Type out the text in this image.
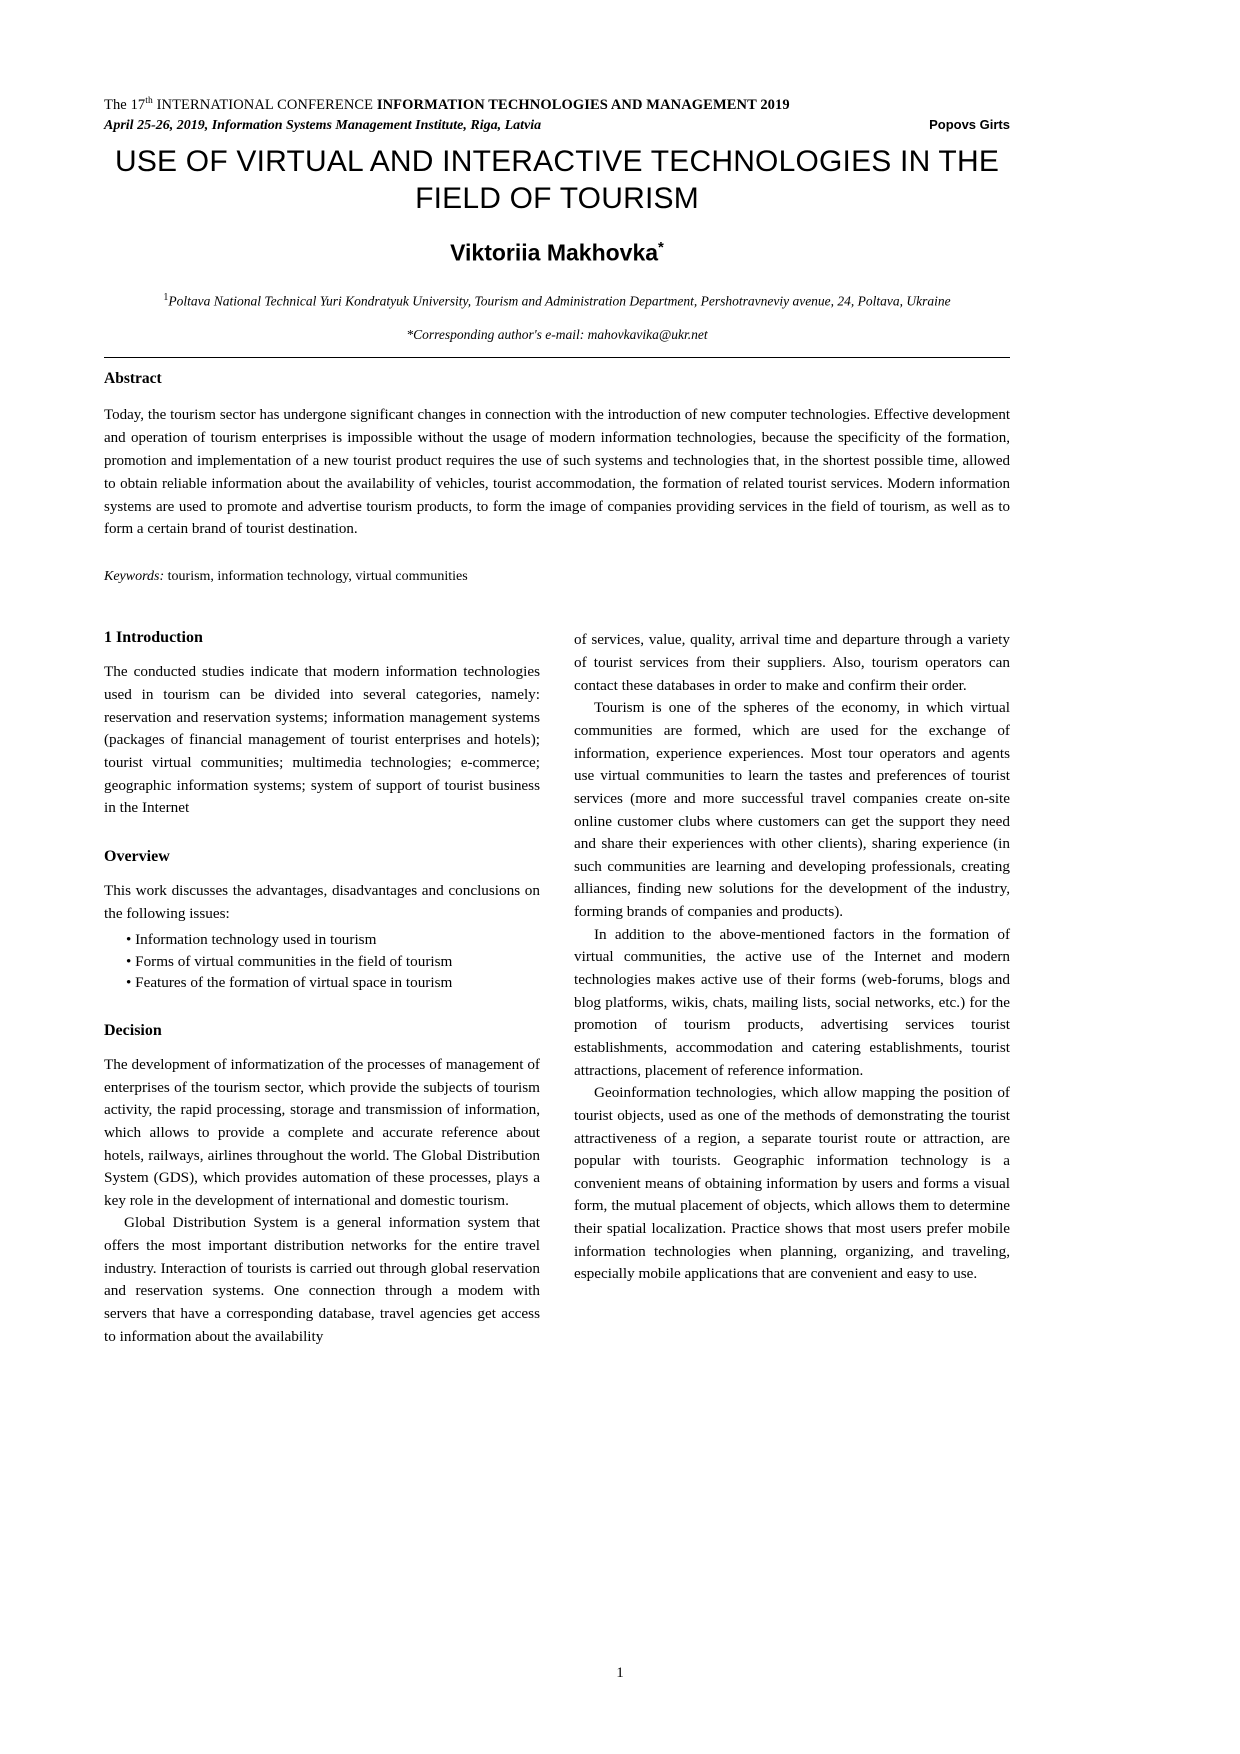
The 17th INTERNATIONAL CONFERENCE INFORMATION TECHNOLOGIES AND MANAGEMENT 2019
April 25-26, 2019, Information Systems Management Institute, Riga, Latvia	Popovs Girts
USE OF VIRTUAL AND INTERACTIVE TECHNOLOGIES IN THE FIELD OF TOURISM
Viktoriia Makhovka*
$^1$Poltava National Technical Yuri Kondratyuk University, Tourism and Administration Department, Pershotravneviy avenue, 24, Poltava, Ukraine
*Corresponding author's e-mail: mahovkavika@ukr.net
Abstract

Today, the tourism sector has undergone significant changes in connection with the introduction of new computer technologies. Effective development and operation of tourism enterprises is impossible without the usage of modern information technologies, because the specificity of the formation, promotion and implementation of a new tourist product requires the use of such systems and technologies that, in the shortest possible time, allowed to obtain reliable information about the availability of vehicles, tourist accommodation, the formation of related tourist services. Modern information systems are used to promote and advertise tourism products, to form the image of companies providing services in the field of tourism, as well as to form a certain brand of tourist destination.

Keywords: tourism, information technology, virtual communities
1 Introduction

The conducted studies indicate that modern information technologies used in tourism can be divided into several categories, namely: reservation and reservation systems; information management systems (packages of financial management of tourist enterprises and hotels); tourist virtual communities; multimedia technologies; e-commerce; geographic information systems; system of support of tourist business in the Internet

Overview

This work discusses the advantages, disadvantages and conclusions on the following issues:

• Information technology used in tourism
• Forms of virtual communities in the field of tourism
• Features of the formation of virtual space in tourism
Decision

The development of informatization of the processes of management of enterprises of the tourism sector, which provide the subjects of tourism activity, the rapid processing, storage and transmission of information, which allows to provide a complete and accurate reference about hotels, railways, airlines throughout the world. The Global Distribution System (GDS), which provides automation of these processes, plays a key role in the development of international and domestic tourism.

Global Distribution System is a general information system that offers the most important distribution networks for the entire travel industry. Interaction of tourists is carried out through global reservation and reservation systems. One connection through a modem with servers that have a corresponding database, travel agencies get access to information about the availability

of services, value, quality, arrival time and departure through a variety of tourist services from their suppliers. Also, tourism operators can contact these databases in order to make and confirm their order.

Tourism is one of the spheres of the economy, in which virtual communities are formed, which are used for the exchange of information, experience experiences. Most tour operators and agents use virtual communities to learn the tastes and preferences of tourist services (more and more successful travel companies create on-site online customer clubs where customers can get the support they need and share their experiences with other clients), sharing experience (in such communities are learning and developing professionals, creating alliances, finding new solutions for the development of the industry, forming brands of companies and products).

In addition to the above-mentioned factors in the formation of virtual communities, the active use of the Internet and modern technologies makes active use of their forms (web-forums, blogs and blog platforms, wikis, chats, mailing lists, social networks, etc.) for the promotion of tourism products, advertising services tourist establishments, accommodation and catering establishments, tourist attractions, placement of reference information.

Geoinformation technologies, which allow mapping the position of tourist objects, used as one of the methods of demonstrating the tourist attractiveness of a region, a separate tourist route or attraction, are popular with tourists. Geographic information technology is a convenient means of obtaining information by users and forms a visual form, the mutual placement of objects, which allows them to determine their spatial localization. Practice shows that most users prefer mobile information technologies when planning, organizing, and traveling, especially mobile applications that are convenient and easy to use.

1
